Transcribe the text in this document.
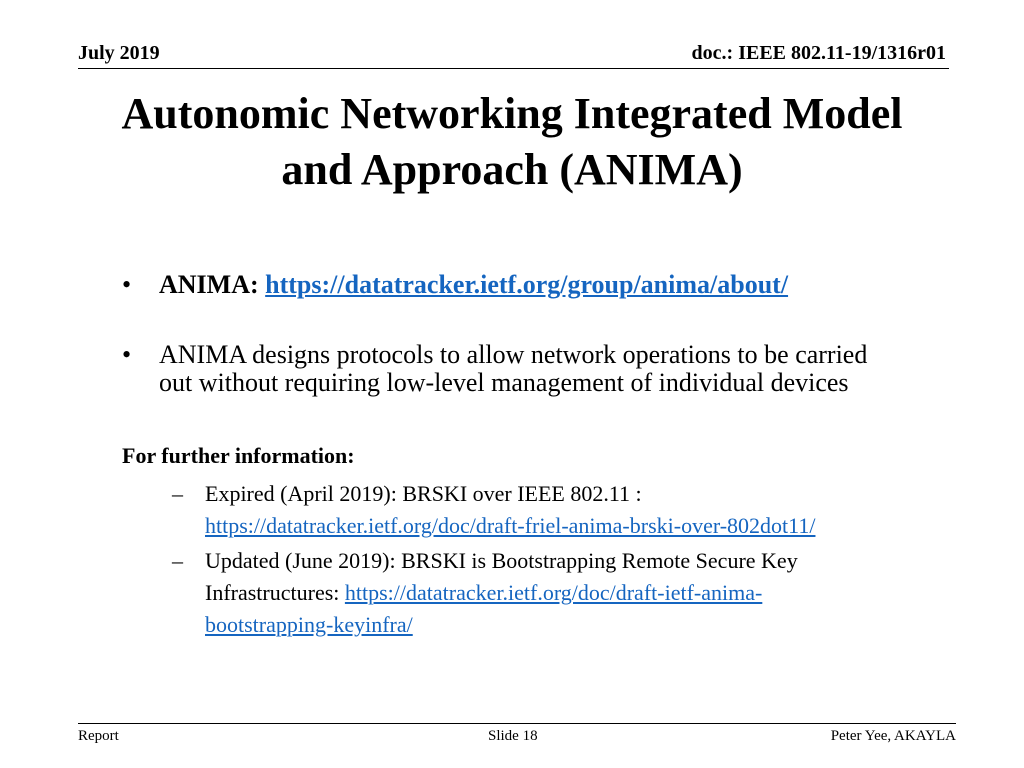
July 2019	doc.: IEEE 802.11-19/1316r01
Autonomic Networking Integrated Model
and Approach (ANIMA)
• ANIMA: https://datatracker.ietf.org/group/anima/about/
• ANIMA designs protocols to allow network operations to be carried
out without requiring low-level management of individual devices
For further information:
– Expired (April 2019): BRSKI over IEEE 802.11 :
https://datatracker.ietf.org/doc/draft-friel-anima-brski-over-802dot11/
– Updated (June 2019): BRSKI is Bootstrapping Remote Secure Key
Infrastructures: https://datatracker.ietf.org/doc/draft-ietf-anima-
bootstrapping-keyinfra/
Report	Slide 18	Peter Yee, AKAYLA
